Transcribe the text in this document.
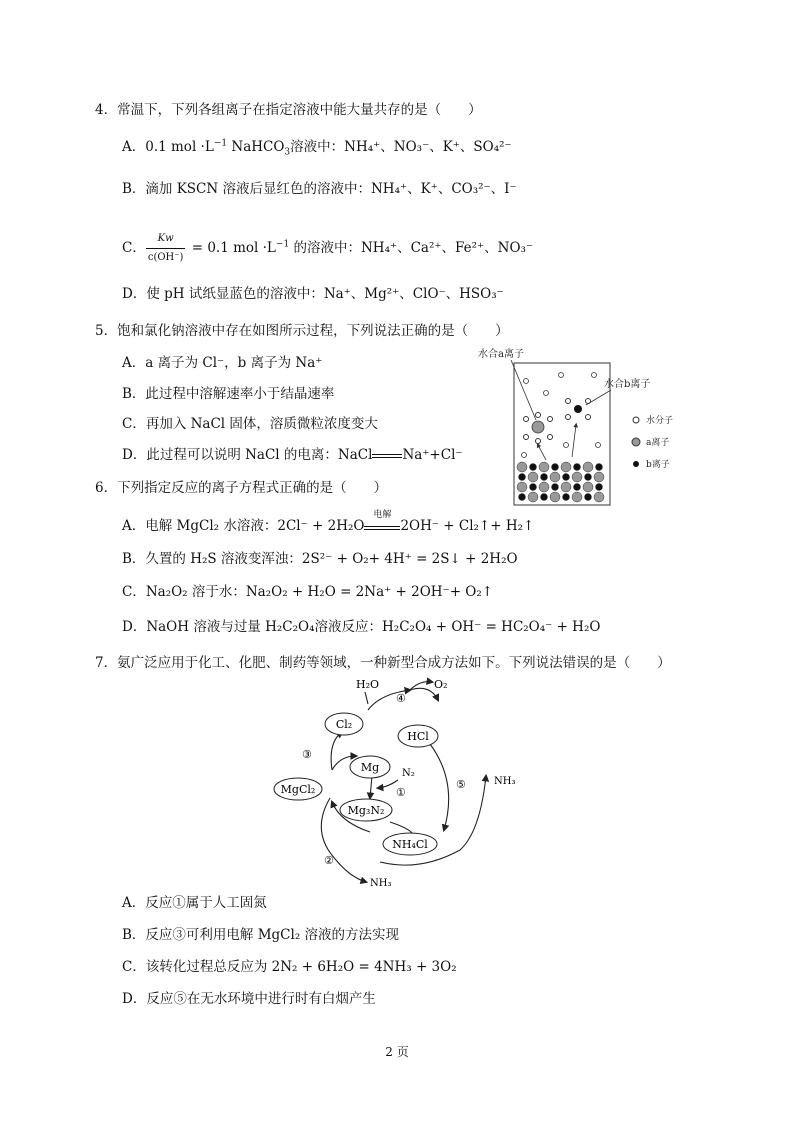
4．常温下，下列各组离子在指定溶液中能大量共存的是（　　）
A．0.1 mol $\cdot L^{-1}$ NaHCO$_3$溶液中：NH₄⁺、NO₃⁻、K⁺、SO₄²⁻
B．滴加 KSCN 溶液后显红色的溶液中：NH₄⁺、K⁺、CO₃²⁻、I⁻
C． $\frac{Kw}{c(OH^-)} = 0.1$ mol $\cdot L^{-1}$ 的溶液中：NH₄⁺、Ca²⁺、Fe²⁺、NO₃⁻
D．使 pH 试纸显蓝色的溶液中：Na⁺、Mg²⁺、ClO⁻、HSO₃⁻
5．饱和氯化钠溶液中存在如图所示过程，下列说法正确的是（　　）
A．a 离子为 Cl⁻，b 离子为 Na⁺
B．此过程中溶解速率小于结晶速率
C．再加入 NaCl 固体，溶质微粒浓度变大
D．此过程可以说明 NaCl 的电离：NaCl Na⁺+Cl⁻
水合a离子
水合b离子
水分子
a离子
b离子
6．下列指定反应的离子方程式正确的是（　　）
A．电解 MgCl₂ 水溶液：2Cl⁻ + 2H₂O
电解
2OH⁻ + Cl₂↑+ H₂↑
B．久置的 H₂S 溶液变浑浊：2S²⁻ + O₂+ 4H⁺ = 2S↓ + 2H₂O
C．Na₂O₂ 溶于水：Na₂O₂ + H₂O = 2Na⁺ + 2OH⁻+ O₂↑
D．NaOH 溶液与过量 H₂C₂O₄溶液反应：H₂C₂O₄ + OH⁻ = HC₂O₄⁻ + H₂O
7．氨广泛应用于化工、化肥、制药等领域，一种新型合成方法如下。下列说法错误的是（　　）
H₂O
④
O₂
Cl₂
HCl
③
Mg N₂
①
⑤	NH₃
MgCl₂
Mg₃N₂
NH₄Cl
②
NH₃
A．反应①属于人工固氮
B．反应③可利用电解 MgCl₂ 溶液的方法实现
C．该转化过程总反应为 2N₂ + 6H₂O = 4NH₃ + 3O₂
D．反应⑤在无水环境中进行时有白烟产生
2 页
